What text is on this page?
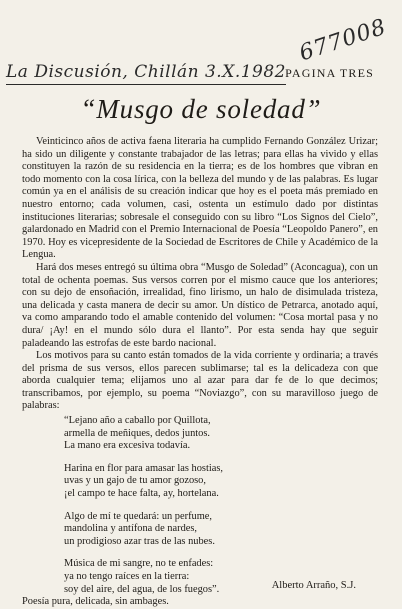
677008
La Discusión, Chillán 3.X.1982 PAGINA TRES
“Musgo de soledad”

Veinticinco años de activa faena literaria ha cumplido Fernando González Urizar; ha sido un diligente y constante trabajador de las letras; para ellas ha vivido y ellas constituyen la razón de su residencia en la tierra; es de los hombres que vibran en todo momento con la cosa lírica, con la belleza del mundo y de las palabras. Es lugar común ya en el análisis de su creación indicar que hoy es el poeta más premiado en nuestro entorno; cada volumen, casi, ostenta un estímulo dado por distintas instituciones literarias; sobresale el conseguido con su libro “Los Signos del Cielo”, galardonado en Madrid con el Premio Internacional de Poesía “Leopoldo Panero”, en 1970. Hoy es vicepresidente de la Sociedad de Escritores de Chile y Académico de la Lengua.

Hará dos meses entregó su última obra “Musgo de Soledad” (Aconcagua), con un total de ochenta poemas. Sus versos corren por el mismo cauce que los anteriores; con su dejo de ensoñación, irrealidad, fino lirismo, un halo de disimulada tristeza, una delicada y casta manera de decir su amor. Un dístico de Petrarca, anotado aquí, va como amparando todo el amable contenido del volumen: “Cosa mortal pasa y no dura/ ¡Ay! en el mundo sólo dura el llanto”. Por esta senda hay que seguir paladeando las estrofas de este bardo nacional.

Los motivos para su canto están tomados de la vida corriente y ordinaria; a través del prisma de sus versos, ellos parecen sublimarse; tal es la delicadeza con que aborda cualquier tema; elijamos uno al azar para dar fe de lo que decimos; transcribamos, por ejemplo, su poema “Noviazgo”, con su maravilloso juego de palabras:

“Lejano año a caballo por Quillota,
armella de meñiques, dedos juntos.
La mano era excesiva todavía.
Harina en flor para amasar las hostias,
uvas y un gajo de tu amor gozoso,
¡el campo te hace falta, ay, hortelana.
Algo de mí te quedará: un perfume,
mandolina y antífona de nardes,
un prodigioso azar tras de las nubes.
Música de mi sangre, no te enfades:
ya no tengo raíces en la tierra:
soy del aire, del agua, de los fuegos”.

Poesía pura, delicada, sin ambages.

Alberto Arraño, S.J.
